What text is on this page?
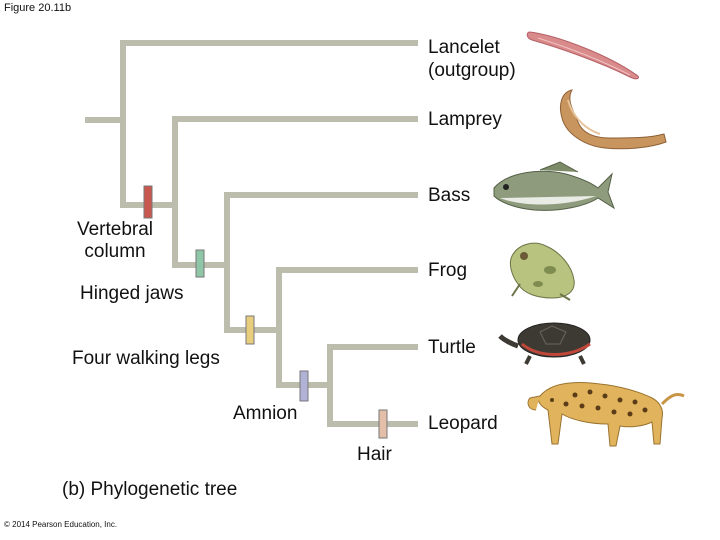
Figure 20.11b
Lancelet
(outgroup)
Lamprey
Bass
Frog
Turtle
Leopard
Vertebral
column
Hinged jaws
Four walking legs
Amnion
Hair
(b) Phylogenetic tree
© 2014 Pearson Education, Inc.
